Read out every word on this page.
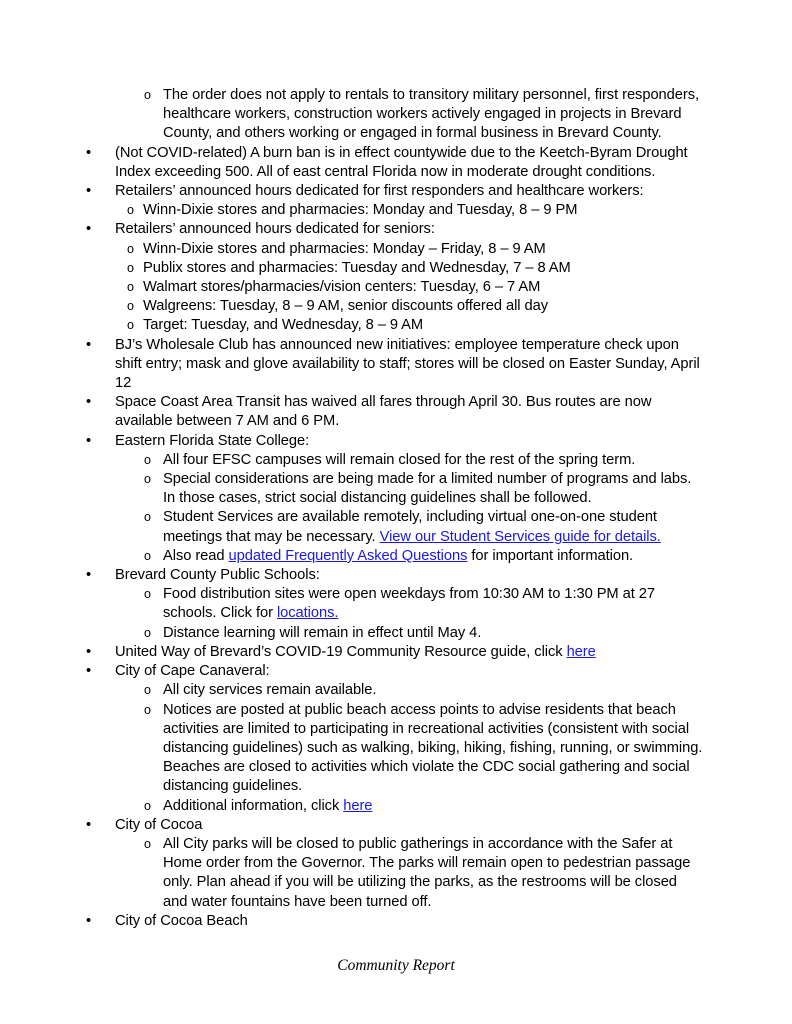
o The order does not apply to rentals to transitory military personnel, first responders, healthcare workers, construction workers actively engaged in projects in Brevard County, and others working or engaged in formal business in Brevard County.
•	(Not COVID-related) A burn ban is in effect countywide due to the Keetch-Byram Drought Index exceeding 500. All of east central Florida now in moderate drought conditions.
•	Retailers’ announced hours dedicated for first responders and healthcare workers:
o Winn-Dixie stores and pharmacies: Monday and Tuesday, 8 – 9 PM
•	Retailers’ announced hours dedicated for seniors:
o Winn-Dixie stores and pharmacies: Monday – Friday, 8 – 9 AM
o Publix stores and pharmacies: Tuesday and Wednesday, 7 – 8 AM
o Walmart stores/pharmacies/vision centers: Tuesday, 6 – 7 AM
o Walgreens: Tuesday, 8 – 9 AM, senior discounts offered all day
o Target: Tuesday, and Wednesday, 8 – 9 AM
•	BJ’s Wholesale Club has announced new initiatives: employee temperature check upon shift entry; mask and glove availability to staff; stores will be closed on Easter Sunday, April 12
•	Space Coast Area Transit has waived all fares through April 30. Bus routes are now available between 7 AM and 6 PM.
•	Eastern Florida State College:
o All four EFSC campuses will remain closed for the rest of the spring term.
o Special considerations are being made for a limited number of programs and labs. In those cases, strict social distancing guidelines shall be followed.
o Student Services are available remotely, including virtual one-on-one student meetings that may be necessary. View our Student Services guide for details.
o Also read updated Frequently Asked Questions for important information.
•	Brevard County Public Schools:
o Food distribution sites were open weekdays from 10:30 AM to 1:30 PM at 27 schools. Click for locations.
o Distance learning will remain in effect until May 4.
•	United Way of Brevard’s COVID-19 Community Resource guide, click here
•	City of Cape Canaveral:
o All city services remain available.
o Notices are posted at public beach access points to advise residents that beach activities are limited to participating in recreational activities (consistent with social distancing guidelines) such as walking, biking, hiking, fishing, running, or swimming. Beaches are closed to activities which violate the CDC social gathering and social distancing guidelines.
o Additional information, click here
•	City of Cocoa
o All City parks will be closed to public gatherings in accordance with the Safer at Home order from the Governor. The parks will remain open to pedestrian passage only. Plan ahead if you will be utilizing the parks, as the restrooms will be closed and water fountains have been turned off.
•	City of Cocoa Beach
Community Report
